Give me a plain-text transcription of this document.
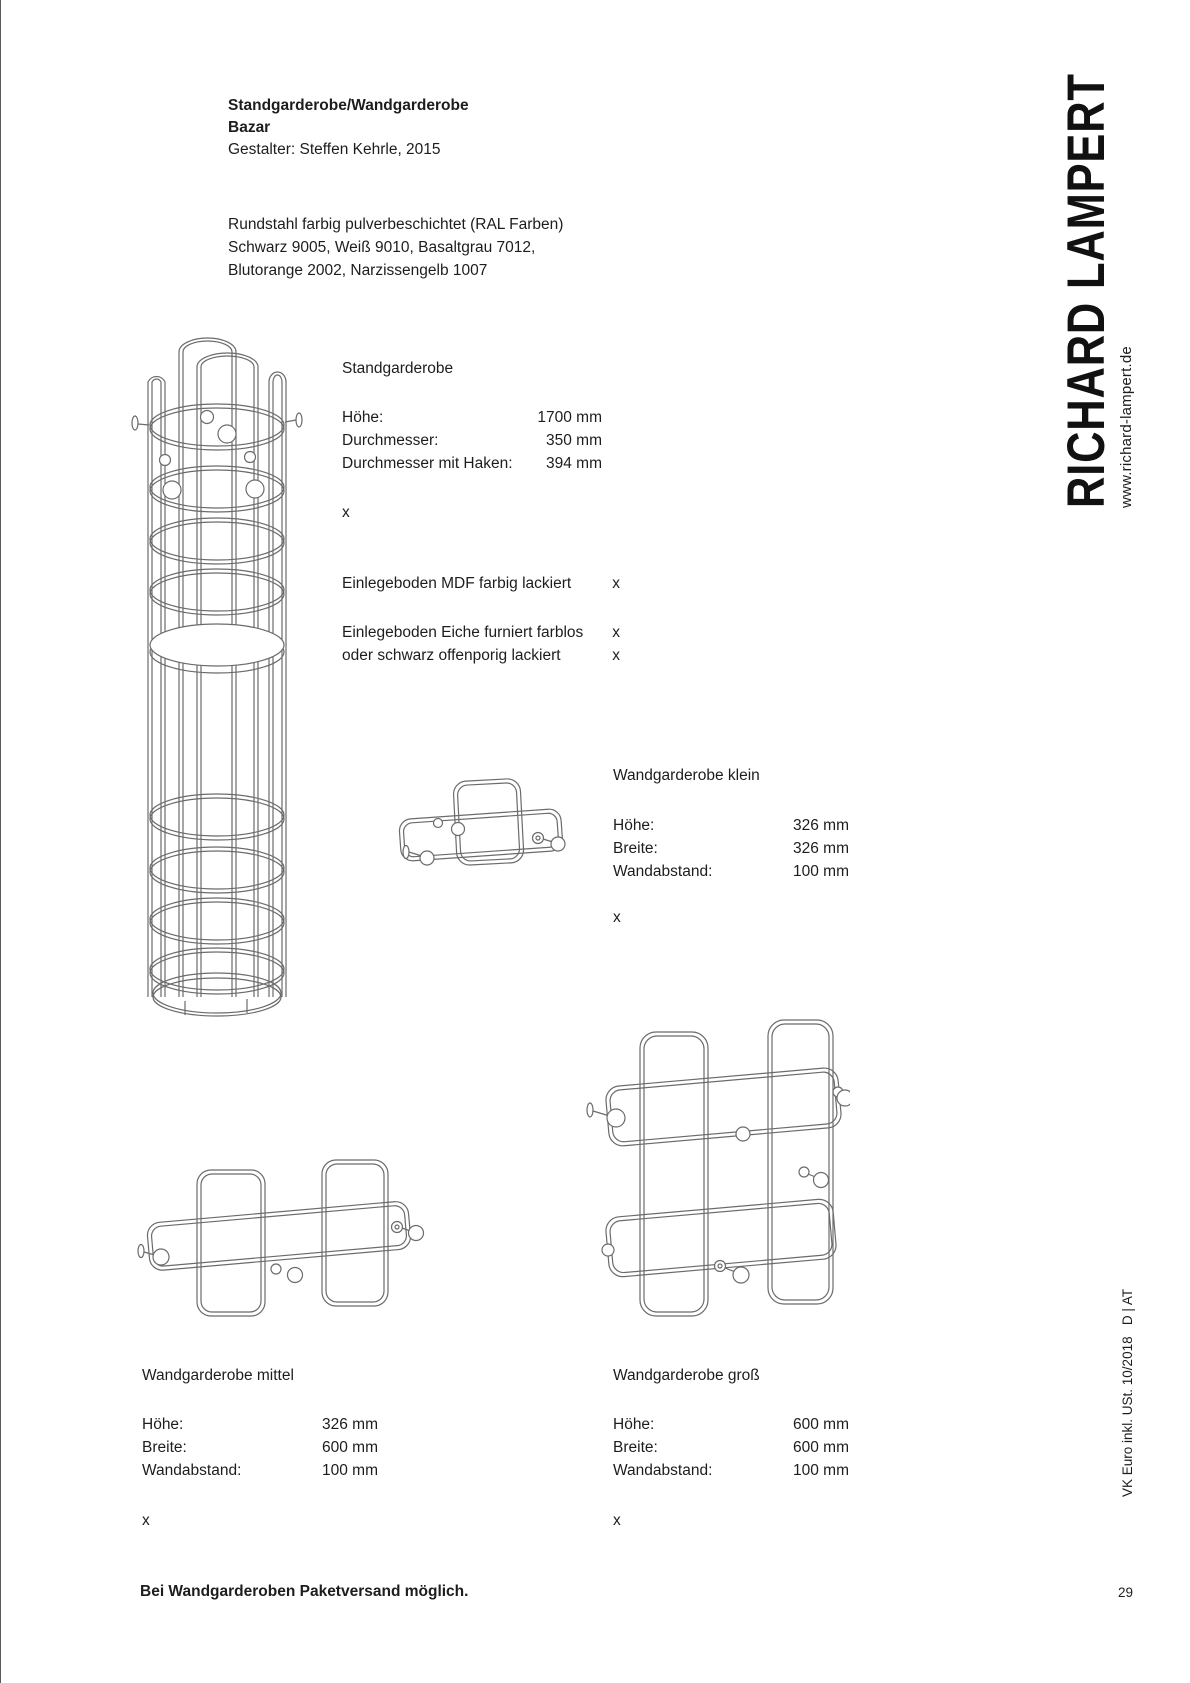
Standgarderobe/Wandgarderobe
Bazar
Gestalter: Steffen Kehrle, 2015
Rundstahl farbig pulverbeschichtet (RAL Farben)
Schwarz 9005, Weiß 9010, Basaltgrau 7012,
Blutorange 2002, Narzissengelb 1007	RICHARD LAMPERT www.richard-lampert.de
VK Euro inkl. USt. 10/2018   D | AT
29
Standgarderobe
Höhe:	1700 mm
Durchmesser:	350 mm
Durchmesser mit Haken: 394 mm
x
Einlegeboden MDF farbig lackiert	x
Einlegeboden Eiche furniert farblos x
oder schwarz offenporig lackiert	x
Wandgarderobe klein
Höhe:	326 mm
Breite:	326 mm
Wandabstand:	100 mm
x
Wandgarderobe mittel
Höhe:	326 mm
Breite:	600 mm
Wandabstand:	100 mm
x
Wandgarderobe groß
Höhe:	600 mm
Breite:	600 mm
Wandabstand:	100 mm
x
Bei Wandgarderoben Paketversand möglich.
